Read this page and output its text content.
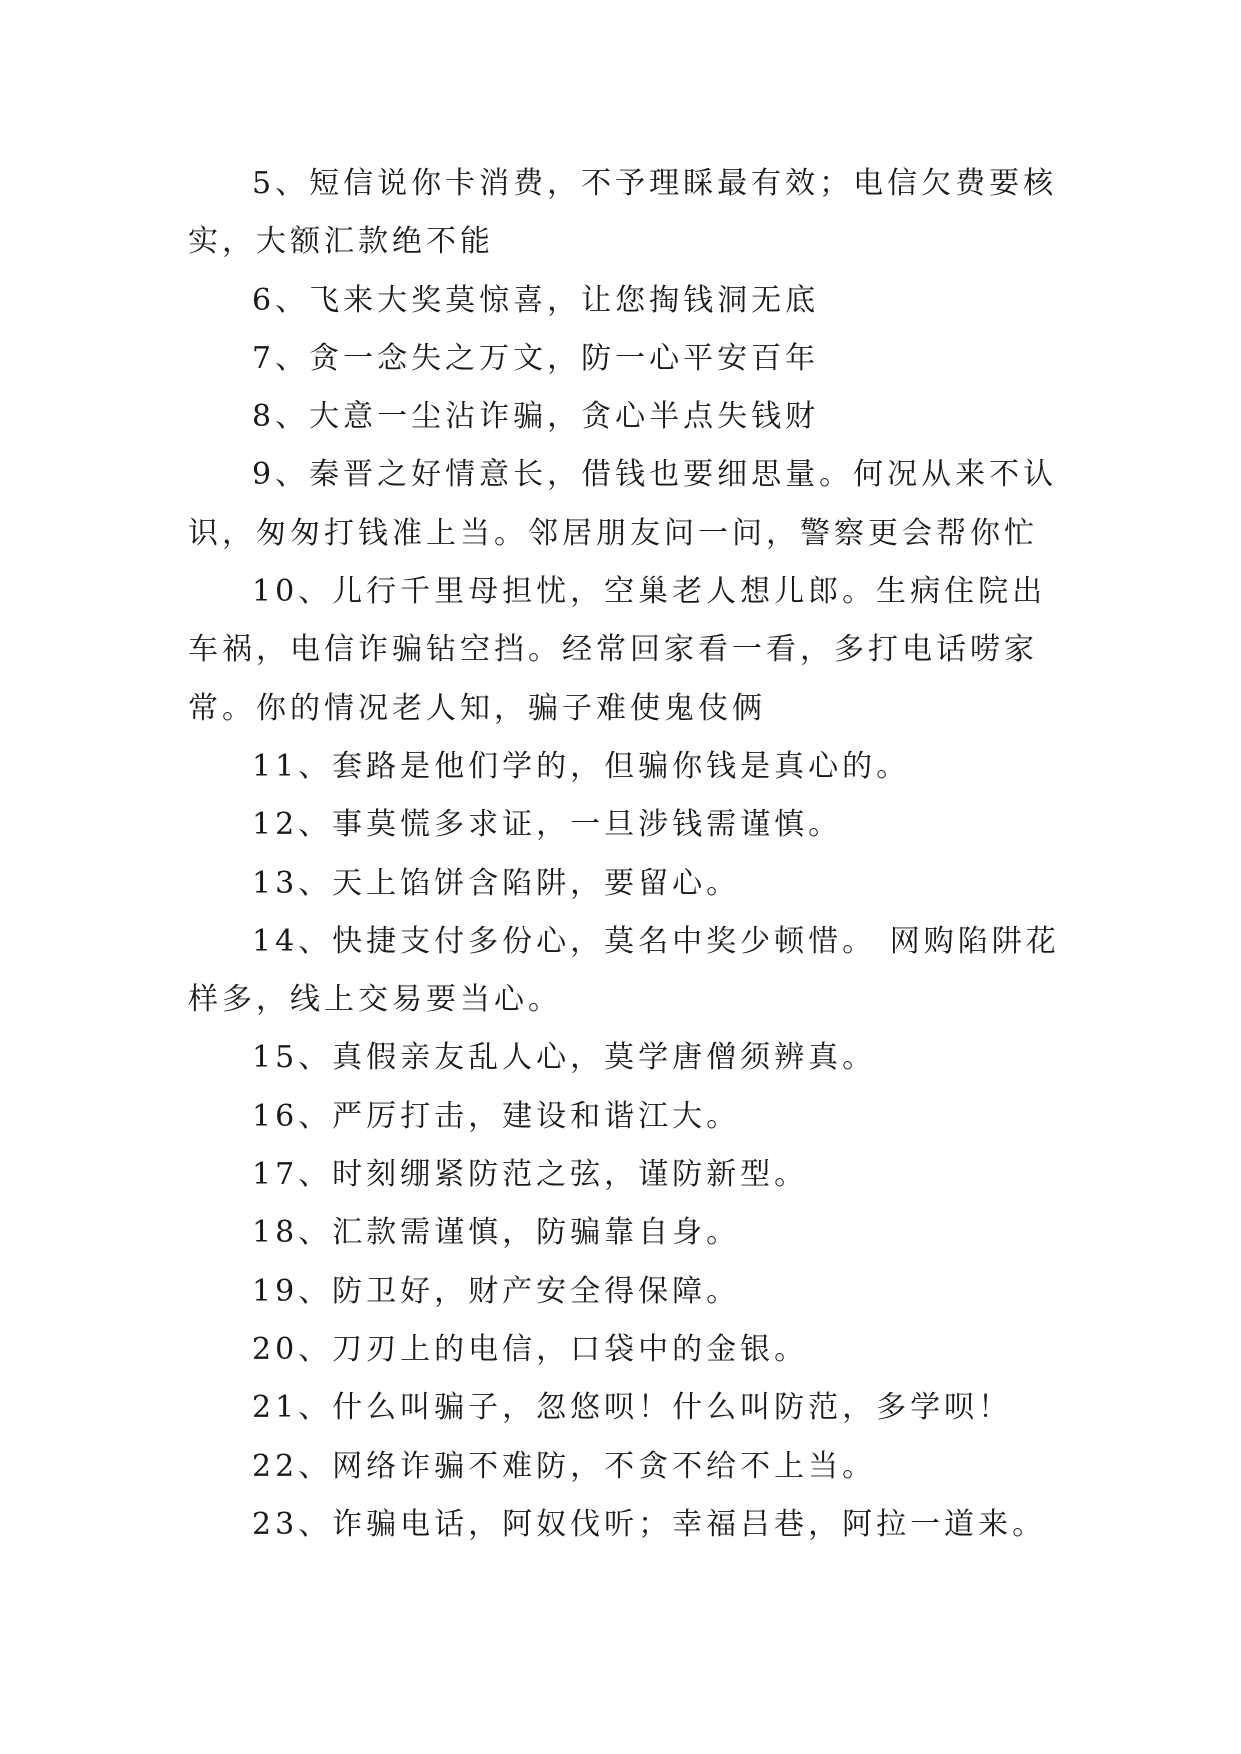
5、短信说你卡消费，不予理睬最有效；电信欠费要核实，大额汇款绝不能

6、飞来大奖莫惊喜，让您掏钱洞无底

7、贪一念失之万文，防一心平安百年

8、大意一尘沾诈骗，贪心半点失钱财

9、秦晋之好情意长，借钱也要细思量。何况从来不认识，匆匆打钱准上当。邻居朋友问一问，警察更会帮你忙

10、儿行千里母担忧，空巢老人想儿郎。生病住院出车祸，电信诈骗钻空挡。经常回家看一看，多打电话唠家常。你的情况老人知，骗子难使鬼伎俩

11、套路是他们学的，但骗你钱是真心的。

12、事莫慌多求证，一旦涉钱需谨慎。

13、天上馅饼含陷阱，要留心。

14、快捷支付多份心，莫名中奖少顿惜。 网购陷阱花样多，线上交易要当心。

15、真假亲友乱人心，莫学唐僧须辨真。

16、严厉打击，建设和谐江大。

17、时刻绷紧防范之弦，谨防新型。

18、汇款需谨慎，防骗靠自身。

19、防卫好，财产安全得保障。

20、刀刃上的电信，口袋中的金银。

21、什么叫骗子，忽悠呗！什么叫防范，多学呗！

22、网络诈骗不难防，不贪不给不上当。

23、诈骗电话，阿奴伐听；幸福吕巷，阿拉一道来。
